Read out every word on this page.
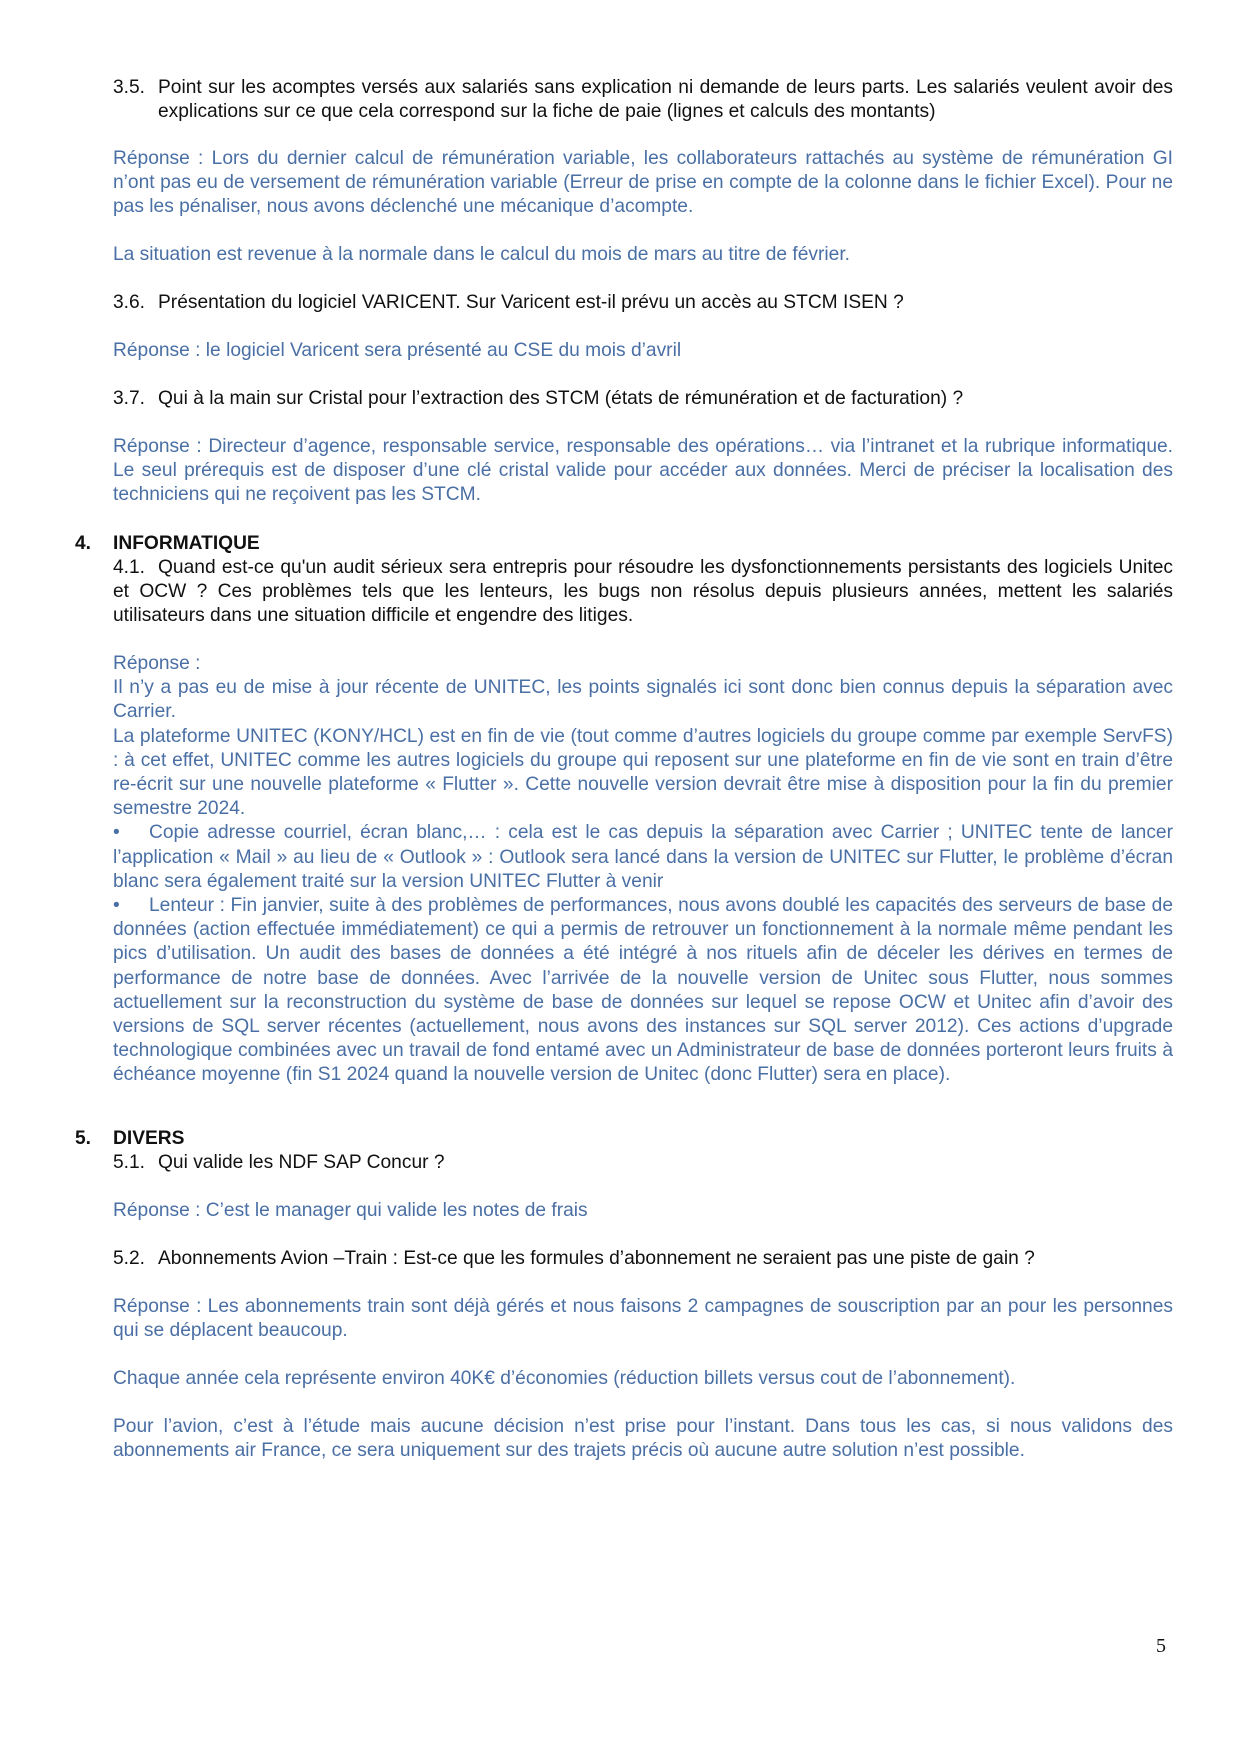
3.5. Point sur les acomptes versés aux salariés sans explication ni demande de leurs parts. Les salariés veulent avoir des explications sur ce que cela correspond sur la fiche de paie (lignes et calculs des montants)

Réponse : Lors du dernier calcul de rémunération variable, les collaborateurs rattachés au système de rémunération GI n’ont pas eu de versement de rémunération variable (Erreur de prise en compte de la colonne dans le fichier Excel). Pour ne pas les pénaliser, nous avons déclenché une mécanique d’acompte.

La situation est revenue à la normale dans le calcul du mois de mars au titre de février.

3.6. Présentation du logiciel VARICENT. Sur Varicent est-il prévu un accès au STCM ISEN ?

Réponse : le logiciel Varicent sera présenté au CSE du mois d’avril

3.7. Qui à la main sur Cristal pour l’extraction des STCM (états de rémunération et de facturation) ?

Réponse : Directeur d’agence, responsable service, responsable des opérations… via l’intranet et la rubrique informatique. Le seul prérequis est de disposer d’une clé cristal valide pour accéder aux données. Merci de préciser la localisation des techniciens qui ne reçoivent pas les STCM.

4.	INFORMATIQUE

4.1. Quand est-ce qu'un audit sérieux sera entrepris pour résoudre les dysfonctionnements persistants des logiciels Unitec et OCW ? Ces problèmes tels que les lenteurs, les bugs non résolus depuis plusieurs années, mettent les salariés utilisateurs dans une situation difficile et engendre des litiges.

Réponse :
Il n’y a pas eu de mise à jour récente de UNITEC, les points signalés ici sont donc bien connus depuis la séparation avec Carrier.
La plateforme UNITEC (KONY/HCL) est en fin de vie (tout comme d’autres logiciels du groupe comme par exemple ServFS) : à cet effet, UNITEC comme les autres logiciels du groupe qui reposent sur une plateforme en fin de vie sont en train d’être re-écrit sur une nouvelle plateforme « Flutter ». Cette nouvelle version devrait être mise à disposition pour la fin du premier semestre 2024.
• Copie adresse courriel, écran blanc,… : cela est le cas depuis la séparation avec Carrier ; UNITEC tente de lancer l’application « Mail » au lieu de « Outlook » : Outlook sera lancé dans la version de UNITEC sur Flutter, le problème d’écran blanc sera également traité sur la version UNITEC Flutter à venir
• Lenteur : Fin janvier, suite à des problèmes de performances, nous avons doublé les capacités des serveurs de base de données (action effectuée immédiatement) ce qui a permis de retrouver un fonctionnement à la normale même pendant les pics d’utilisation. Un audit des bases de données a été intégré à nos rituels afin de déceler les dérives en termes de performance de notre base de données. Avec l’arrivée de la nouvelle version de Unitec sous Flutter, nous sommes actuellement sur la reconstruction du système de base de données sur lequel se repose OCW et Unitec afin d’avoir des versions de SQL server récentes (actuellement, nous avons des instances sur SQL server 2012). Ces actions d’upgrade technologique combinées avec un travail de fond entamé avec un Administrateur de base de données porteront leurs fruits à échéance moyenne (fin S1 2024 quand la nouvelle version de Unitec (donc Flutter) sera en place).
5.	DIVERS
5.1. Qui valide les NDF SAP Concur ?

Réponse : C’est le manager qui valide les notes de frais

5.2. Abonnements Avion –Train : Est-ce que les formules d’abonnement ne seraient pas une piste de gain ?

Réponse : Les abonnements train sont déjà gérés et nous faisons 2 campagnes de souscription par an pour les personnes qui se déplacent beaucoup.

Chaque année cela représente environ 40K€ d’économies (réduction billets versus cout de l’abonnement).

Pour l’avion, c’est à l’étude mais aucune décision n’est prise pour l’instant. Dans tous les cas, si nous validons des abonnements air France, ce sera uniquement sur des trajets précis où aucune autre solution n’est possible.

5
